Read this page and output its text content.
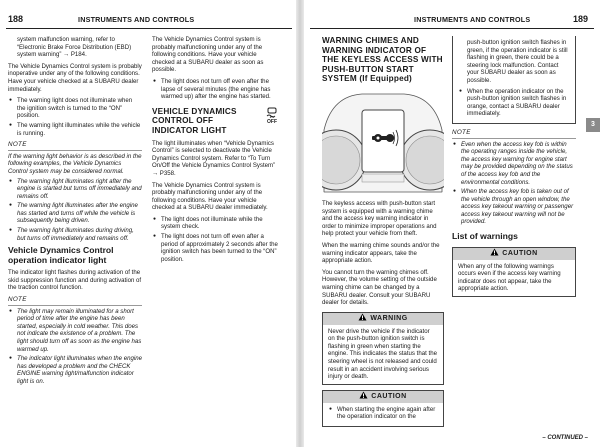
188	INSTRUMENTS AND CONTROLS

system malfunction warning, refer to “Electronic Brake Force Distribution (EBD) system warning” → P184.

The Vehicle Dynamics Control system is probably inoperative under any of the following conditions. Have your vehicle checked at a SUBARU dealer immediately.

● The warning light does not illuminate when the ignition switch is turned to the “ON” position.
● The warning light illuminates while the vehicle is running.
NOTE
If the warning light behavior is as described in the following examples, the Vehicle Dynamics Control system may be considered normal.
● The warning light illuminates right after the engine is started but turns off immediately and remains off.
● The warning light illuminates after the engine has started and turns off while the vehicle is subsequently being driven.
● The warning light illuminates during driving, but turns off immediately and remains off.
Vehicle Dynamics Control operation indicator light

The indicator light flashes during activation of the skid suppression function and during activation of the traction control function.

NOTE
● The light may remain illuminated for a short period of time after the engine has been started, especially in cold weather. This does not indicate the existence of a problem. The light should turn off as soon as the engine has warmed up.
● The indicator light illuminates when the engine has developed a problem and the CHECK ENGINE warning light/malfunction indicator light is on.

The Vehicle Dynamics Control system is probably malfunctioning under any of the following conditions. Have your vehicle checked at a SUBARU dealer as soon as possible.

● The light does not turn off even after the lapse of several minutes (the engine has warmed up) after the engine has started.
VEHICLE DYNAMICS CONTROL OFF INDICATOR LIGHT
OFF

The light illuminates when “Vehicle Dynamics Control” is selected to deactivate the Vehicle Dynamics Control system. Refer to “To Turn On/Off the Vehicle Dynamics Control System” → P358.

The Vehicle Dynamics Control system is probably malfunctioning under any of the following conditions. Have your vehicle checked at a SUBARU dealer immediately.

● The light does not illuminate while the system check.
● The light does not turn off even after a period of approximately 2 seconds after the ignition switch has been turned to the “ON” position.
INSTRUMENTS AND CONTROLS	189
3
WARNING CHIMES AND WARNING INDICATOR OF THE KEYLESS ACCESS WITH PUSH-BUTTON START SYSTEM (If Equipped)

The keyless access with push-button start system is equipped with a warning chime and the access key warning indicator in order to minimize improper operations and help protect your vehicle from theft.

When the warning chime sounds and/or the warning indicator appears, take the appropriate action.

You cannot turn the warning chimes off. However, the volume setting of the outside warning chime can be changed by a SUBARU dealer. Consult your SUBARU dealer for details.

WARNING
Never drive the vehicle if the indicator on the push-button ignition switch is flashing in green when starting the engine. This indicates the status that the steering wheel is not released and could result in an accident involving serious injury or death.
CAUTION
● When starting the engine again after the operation indicator on the
push-button ignition switch flashes in green, if the operation indicator is still flashing in green, there could be a steering lock malfunction. Contact your SUBARU dealer as soon as possible.
● When the operation indicator on the push-button ignition switch flashes in orange, contact a SUBARU dealer immediately.
NOTE
● Even when the access key fob is within the operating ranges inside the vehicle, the access key warning for engine start may be provided depending on the status of the access key fob and the environmental conditions.
● When the access key fob is taken out of the vehicle through an open window, the access key takeout warning or passenger access key takeout warning will not be provided.
List of warnings
CAUTION
When any of the following warnings occurs even if the access key warning indicator does not appear, take the appropriate action.
– CONTINUED –
